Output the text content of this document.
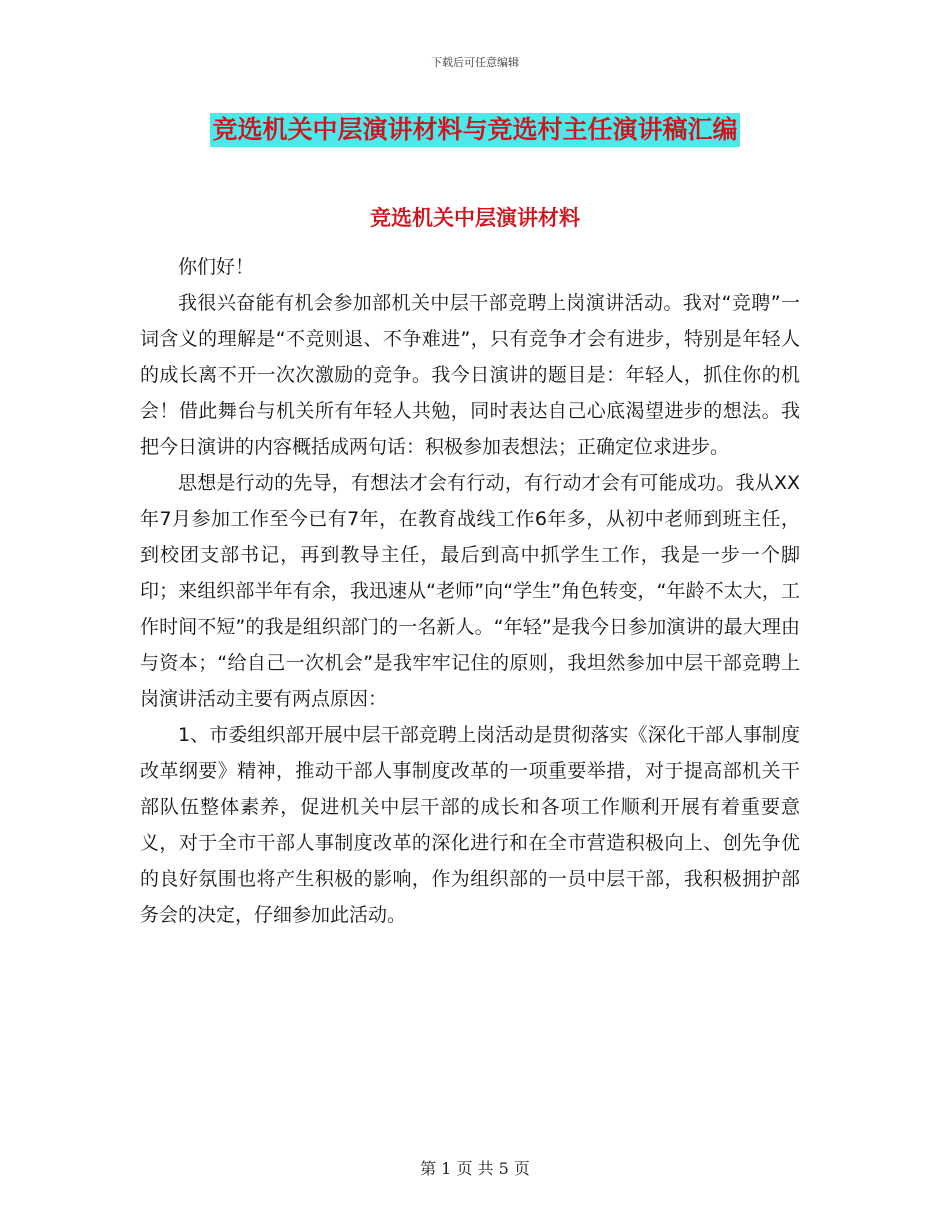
下载后可任意编辑
竞选机关中层演讲材料与竞选村主任演讲稿汇编
竞选机关中层演讲材料

你们好！

我很兴奋能有机会参加部机关中层干部竞聘上岗演讲活动。我对“竞聘”一词含义的理解是“不竞则退、不争难进”，只有竞争才会有进步，特别是年轻人的成长离不开一次次激励的竞争。我今日演讲的题目是：年轻人，抓住你的机会！借此舞台与机关所有年轻人共勉，同时表达自己心底渴望进步的想法。我把今日演讲的内容概括成两句话：积极参加表想法；正确定位求进步。

思想是行动的先导，有想法才会有行动，有行动才会有可能成功。我从XX年7月参加工作至今已有7年，在教育战线工作6年多，从初中老师到班主任，到校团支部书记，再到教导主任，最后到高中抓学生工作，我是一步一个脚印；来组织部半年有余，我迅速从“老师”向“学生”角色转变，“年龄不太大，工作时间不短”的我是组织部门的一名新人。“年轻”是我今日参加演讲的最大理由与资本；“给自己一次机会”是我牢牢记住的原则，我坦然参加中层干部竞聘上岗演讲活动主要有两点原因：

1、市委组织部开展中层干部竞聘上岗活动是贯彻落实《深化干部人事制度改革纲要》精神，推动干部人事制度改革的一项重要举措，对于提高部机关干部队伍整体素养，促进机关中层干部的成长和各项工作顺利开展有着重要意义，对于全市干部人事制度改革的深化进行和在全市营造积极向上、创先争优的良好氛围也将产生积极的影响，作为组织部的一员中层干部，我积极拥护部务会的决定，仔细参加此活动。

第 1 页 共 5 页
